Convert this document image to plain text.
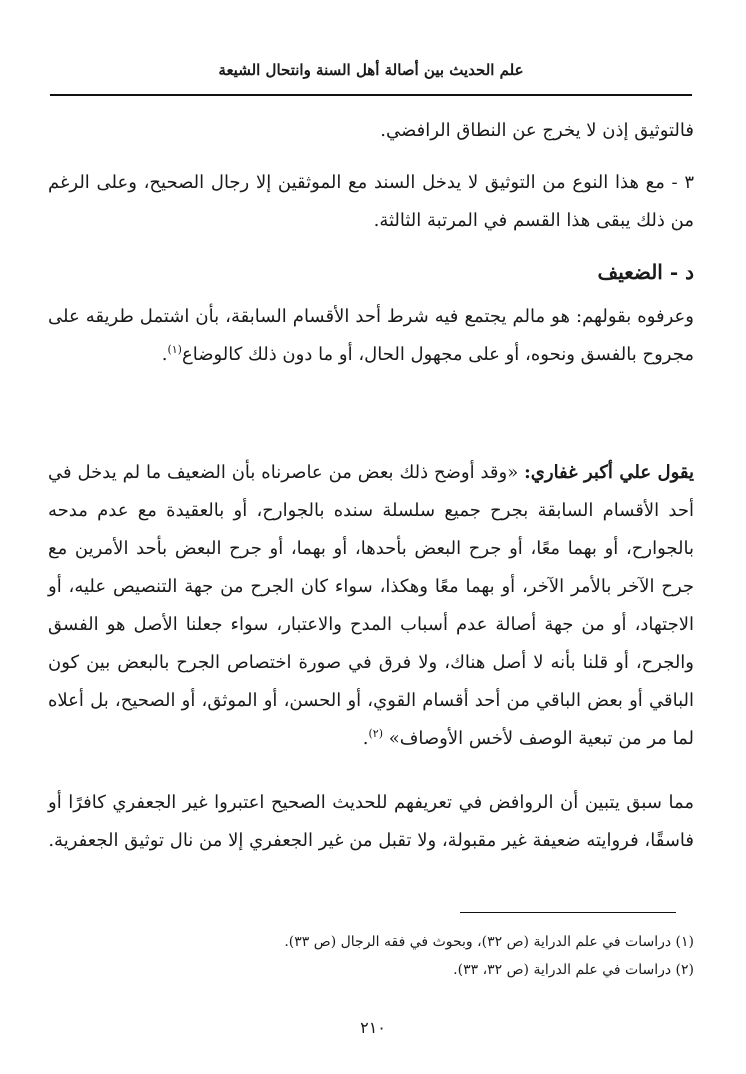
علم الحديث بين أصالة أهل السنة وانتحال الشيعة
فالتوثيق إذن لا يخرج عن النطاق الرافضي.
٣ - مع هذا النوع من التوثيق لا يدخل السند مع الموثقين إلا رجال الصحيح، وعلى الرغم من ذلك يبقى هذا القسم في المرتبة الثالثة.
د - الضعيف
وعرفوه بقولهم: هو مالم يجتمع فيه شرط أحد الأقسام السابقة، بأن اشتمل طريقه على مجروح بالفسق ونحوه، أو على مجهول الحال، أو ما دون ذلك كالوضاع$^{(١)}$.
يقول علي أكبر غفاري: «وقد أوضح ذلك بعض من عاصرناه بأن الضعيف ما لم يدخل في أحد الأقسام السابقة بجرح جميع سلسلة سنده بالجوارح، أو بالعقيدة مع عدم مدحه بالجوارح، أو بهما معًا، أو جرح البعض بأحدها، أو بهما، أو جرح البعض بأحد الأمرين مع جرح الآخر بالأمر الآخر، أو بهما معًا وهكذا، سواء كان الجرح من جهة التنصيص عليه، أو الاجتهاد، أو من جهة أصالة عدم أسباب المدح والاعتبار، سواء جعلنا الأصل هو الفسق والجرح، أو قلنا بأنه لا أصل هناك، ولا فرق في صورة اختصاص الجرح بالبعض بين كون الباقي أو بعض الباقي من أحد أقسام القوي، أو الحسن، أو الموثق، أو الصحيح، بل أعلاه لما مر من تبعية الوصف لأخس الأوصاف» $^{(٢)}$.
مما سبق يتبين أن الروافض في تعريفهم للحديث الصحيح اعتبروا غير الجعفري كافرًا أو فاسقًا، فروايته ضعيفة غير مقبولة، ولا تقبل من غير الجعفري إلا من نال توثيق الجعفرية.
(١) دراسات في علم الدراية (ص ٣٢)، وبحوث في فقه الرجال (ص ٣٣).
(٢) دراسات في علم الدراية (ص ٣٢، ٣٣).
٢١٠
